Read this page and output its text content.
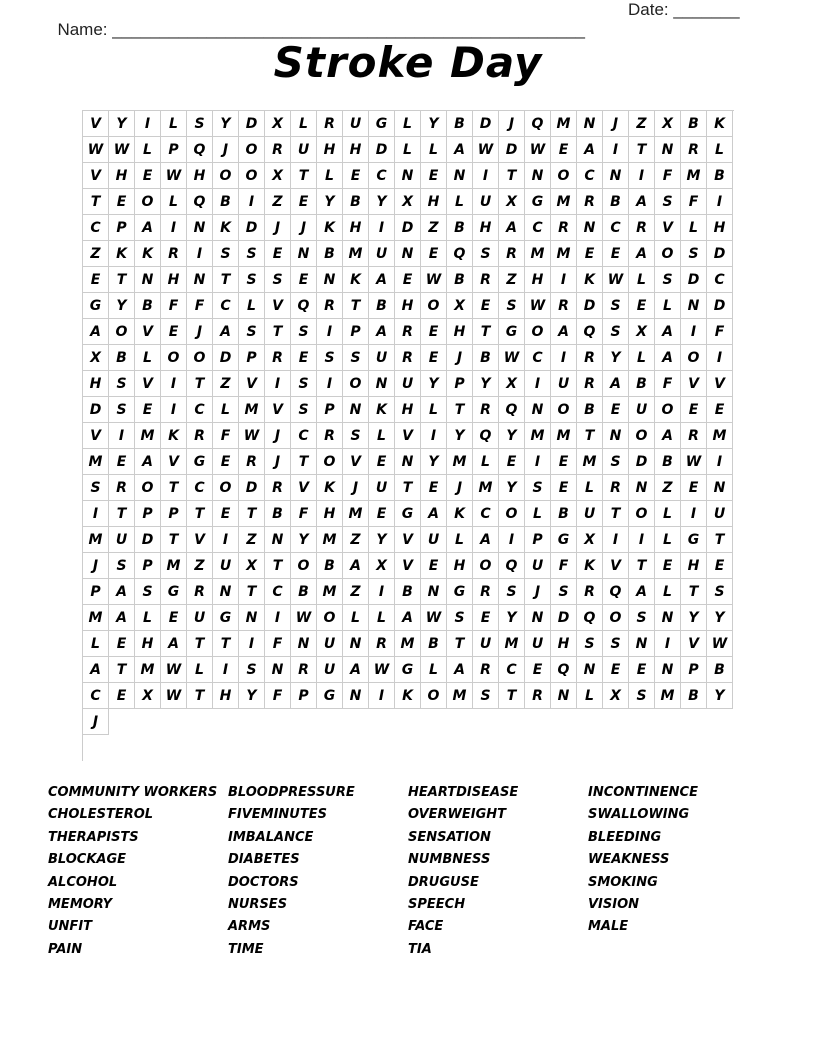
Name: __________________________________________________

Date: _______

Stroke Day
V	Y	I	L	S	Y	D	X	L	R	U	G	L	Y	B	D	J	Q M N	J	Z	X	B	K
W W L	P	Q	J	O	R	U	H	H	D	L	L	A W D W E	A	I	T	N	R	L
V	H	E W H	O	O	X	T	L	E	C	N	E	N	I	T	N	O	C	N	I	F	M B
T	E	O	L	Q	B	I	Z	E	Y	B	Y	X	H	L	U	X	G M R	B	A	S	F	I
C	P	A	I	N	K	D	J	J	K	H	I	D	Z	B	H	A	C	R	N	C	R	V	L	H
Z	K	K	R	I	S	S	E	N	B M U	N	E	Q	S	R M M	E	E	A	O	S	D
E	T	N	H	N	T	S	S	E	N	K	A	E W B	R	Z	H	I	K W L	S	D	C
G	Y	B	F	F	C	L	V	Q	R	T	B	H	O	X	E	S W R	D	S	E	L	N	D
A	O	V	E	J	A	S	T	S	I	P	A	R	E	H	T	G	O	A	Q	S	X	A	I	F
X	B	L	O	O	D	P	R	E	S	S	U	R	E	J	B W C	I	R	Y	L	A	O	I
H	S	V	I	T	Z	V	I	S	I	O	N	U	Y	P	Y	X	I	U	R	A	B	F	V	V
D	S	E	I	C	L	M V	S	P	N	K	H	L	T	R	Q	N	O	B	E	U	O	E	E
V	I	M K	R	F W	J	C	R	S	L	V	I	Y	Q	Y M M	T	N	O	A	R M
M	E	A	V	G	E	R	J	T	O	V	E	N	Y M	L	E	I	E	M S	D	B W	I
S	R	O	T	C	O	D	R	V	K	J	U	T	E	J	M Y	S	E	L	R	N	Z	E	N
I	T	P	P	T	E	T	B	F	H M	E	G	A	K	C	O	L	B	U	T	O	L	I	U
M U	D	T	V	I	Z	N	Y M Z	Y	V	U	L	A	I	P	G	X	I	I	L	G	T
J	S	P M Z	U	X	T	O	B	A	X	V	E	H	O	Q	U	F	K	V	T	E	H	E
P	A	S	G	R	N	T	C	B M Z	I	B	N	G	R	S	J	S	R	Q	A	L	T	S
M A	L	E	U	G	N	I	W O	L	L	A W S	E	Y	N	D	Q	O	S	N	Y	Y
L	E	H	A	T	T	I	F	N	U	N	R M B	T	U M U	H	S	S	N	I	V W
A	T	M W L	I	S	N	R	U	A W G	L	A	R	C	E	Q	N	E	E	N	P	B
C	E	X W T	H	Y	F	P	G	N	I	K	O M S	T	R	N	L	X	S M B	Y
J
COMMUNITY WORKERS
CHOLESTEROL
THERAPISTS
BLOCKAGE
ALCOHOL
MEMORY
UNFIT
PAIN
BLOODPRESSURE
FIVEMINUTES
IMBALANCE
DIABETES
DOCTORS
NURSES
ARMS
TIME
HEARTDISEASE
OVERWEIGHT
SENSATION
NUMBNESS
DRUGUSE
SPEECH
FACE
TIA
INCONTINENCE
SWALLOWING
BLEEDING
WEAKNESS
SMOKING
VISION
MALE
